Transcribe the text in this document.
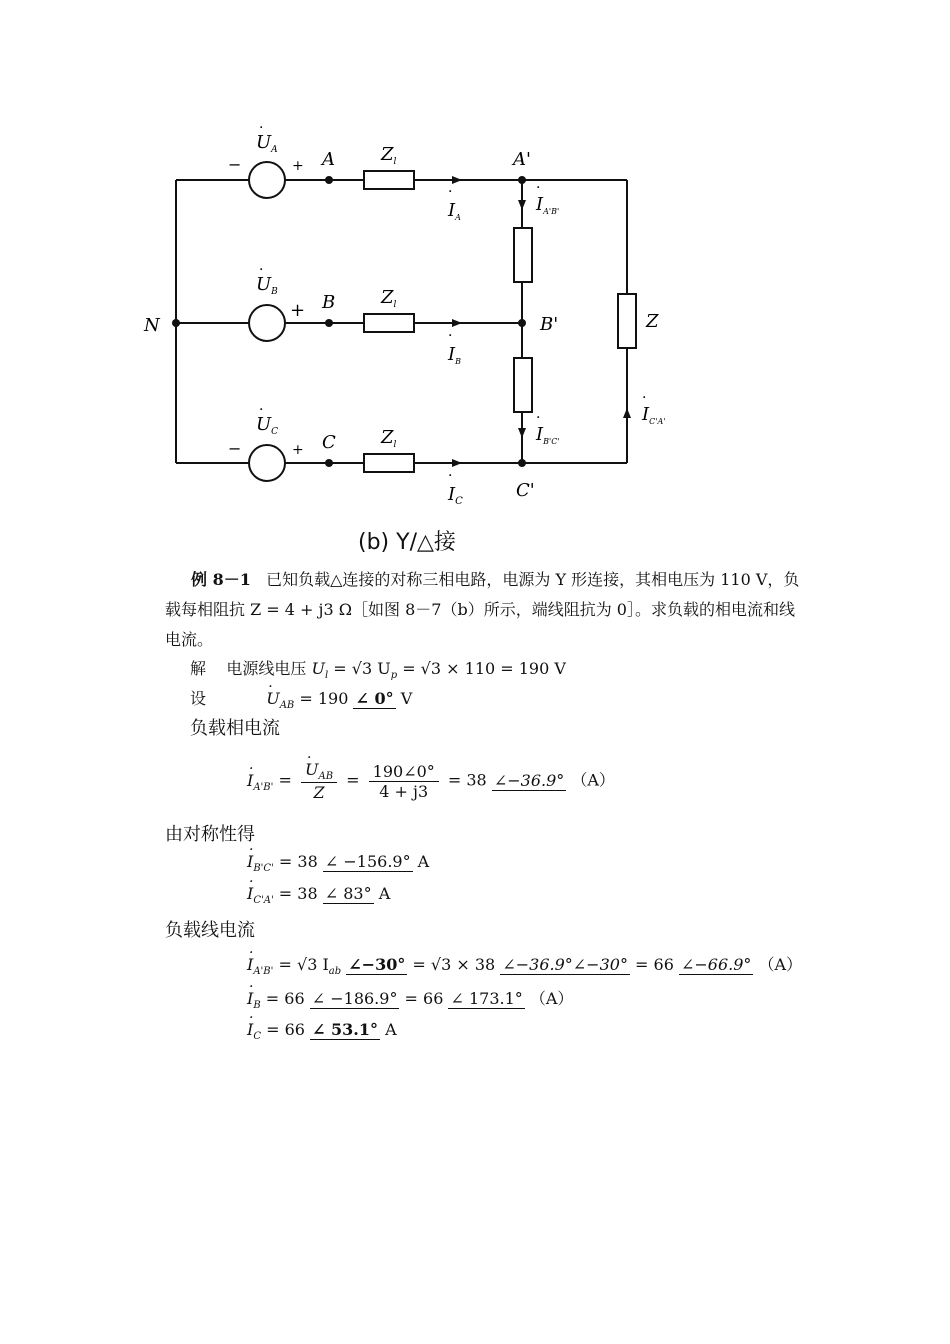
−	+
+
−	+
$U_A$
·
$U_B$
·
$U_C$
·
N
A
B
C
A'
B'
C'
$Z_l$
$Z_l$
$Z_l$
Z
$I_A$
·
$I_B$
·
$I_C$
·
$I_{A'B'}$
·
$I_{B'C'}$
·	$I_{C'A'}$
·
(b) Y/△接
例 8－1 已知负载△连接的对称三相电路，电源为 Y 形连接，其相电压为 110 V，负载每相阻抗 Z = 4 + j3 Ω［如图 8－7（b）所示，端线阻抗为 0］。求负载的相电流和线电流。
解 电源线电压 $U_l = √3$ $U_p = √3 \times 110 = 190$ V
设	· $U_{AB} = 190$ ∠ 0° V
负载相电流
· $I_{A'B'}$ = · $\frac{U_{AB}}{Z} = \frac{190\angle 0^\circ}{4 + j3} = 38$ ∠−36.9° （A）
由对称性得
· $I_{B'C'} = 38$ ∠ −156.9° A
· $I_{C'A'} = 38$ ∠ 83° A
负载线电流
· $I_{A'B'} = √3$ $I_{ab}$ ∠−30° = √3 × 38 ∠−36.9°∠−30° = 66 ∠−66.9° （A）
· $I_B = 66$ ∠ −186.9° = 66 ∠ 173.1° （A）
· $I_C = 66$ ∠ 53.1° A
